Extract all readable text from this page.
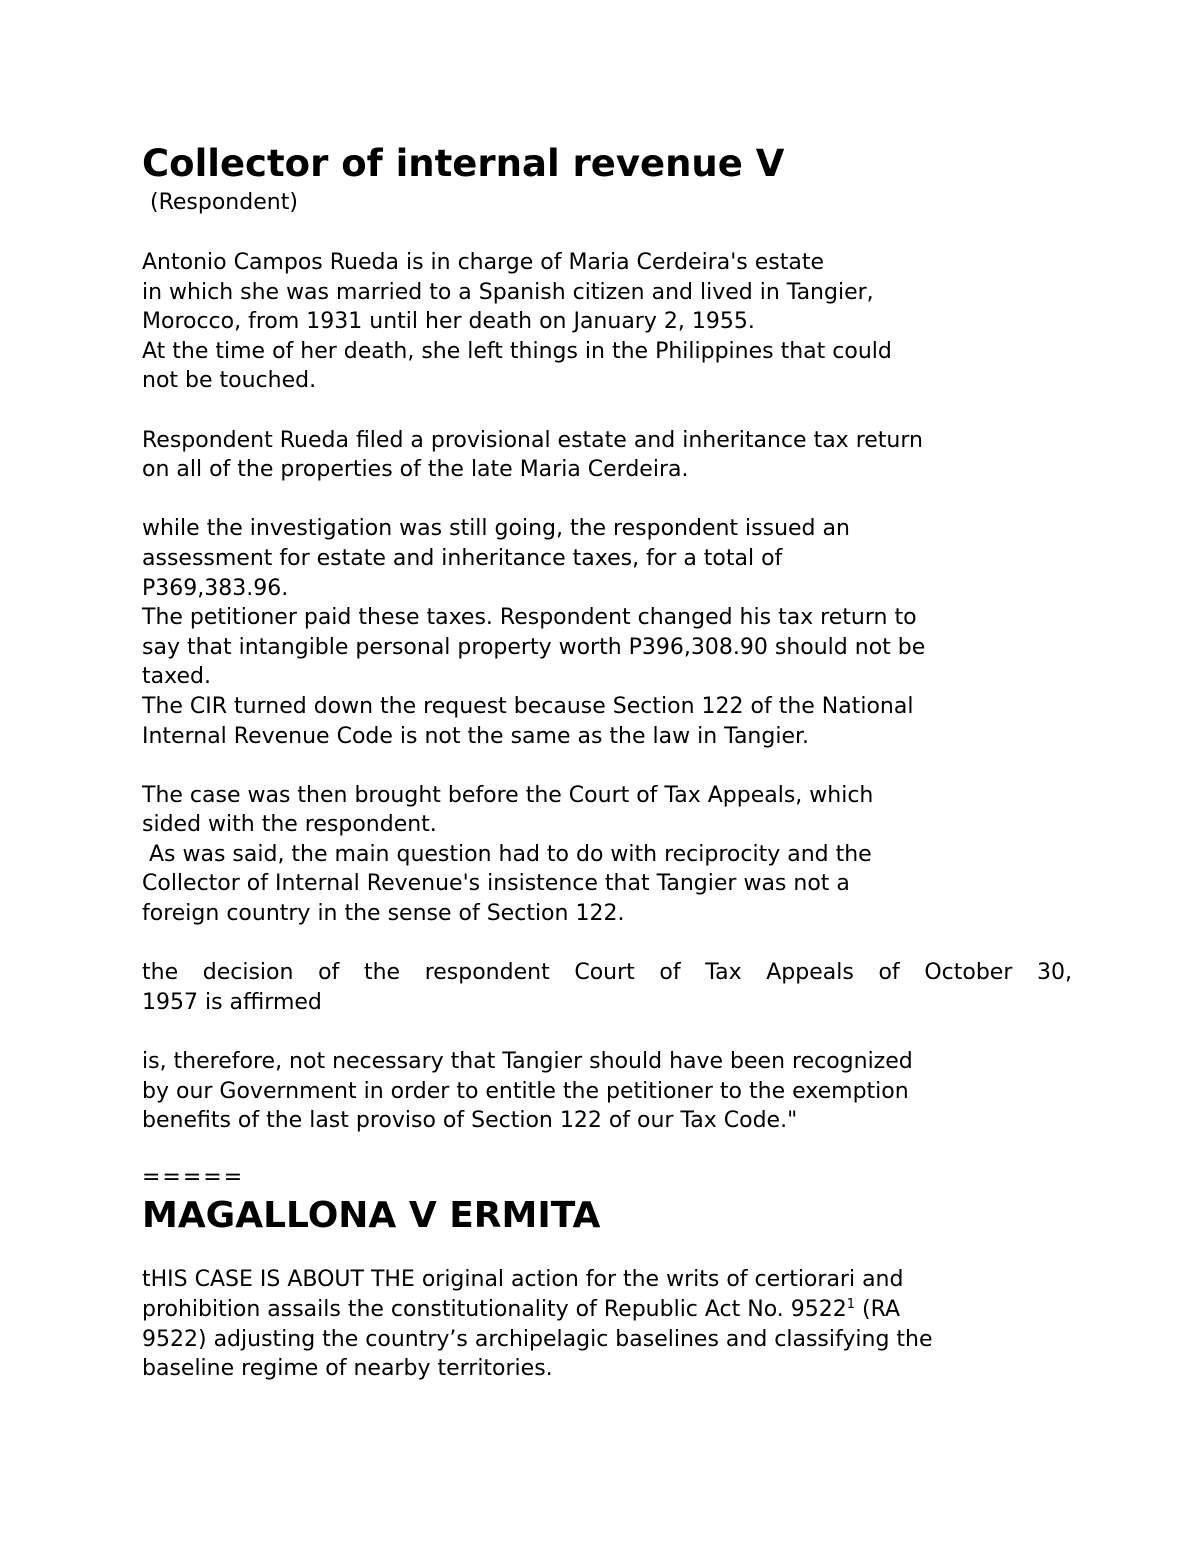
Collector of internal revenue V

(Respondent)

Antonio Campos Rueda is in charge of Maria Cerdeira's estate
in which she was married to a Spanish citizen and lived in Tangier,
Morocco, from 1931 until her death on January 2, 1955.
At the time of her death, she left things in the Philippines that could
not be touched.
Respondent Rueda filed a provisional estate and inheritance tax return
on all of the properties of the late Maria Cerdeira.
while the investigation was still going, the respondent issued an
assessment for estate and inheritance taxes, for a total of
P369,383.96.
The petitioner paid these taxes. Respondent changed his tax return to
say that intangible personal property worth P396,308.90 should not be
taxed.
The CIR turned down the request because Section 122 of the National
Internal Revenue Code is not the same as the law in Tangier.
The case was then brought before the Court of Tax Appeals, which
sided with the respondent.
As was said, the main question had to do with reciprocity and the
Collector of Internal Revenue's insistence that Tangier was not a
foreign country in the sense of Section 122.
the decision of the respondent Court of Tax Appeals of October 30,
1957 is affirmed
is, therefore, not necessary that Tangier should have been recognized
by our Government in order to entitle the petitioner to the exemption
benefits of the last proviso of Section 122 of our Tax Code."

=====

MAGALLONA V ERMITA
tHIS CASE IS ABOUT THE original action for the writs of certiorari and
prohibition assails the constitutionality of Republic Act No. 9522$^1$ (RA
9522) adjusting the country’s archipelagic baselines and classifying the
baseline regime of nearby territories.
